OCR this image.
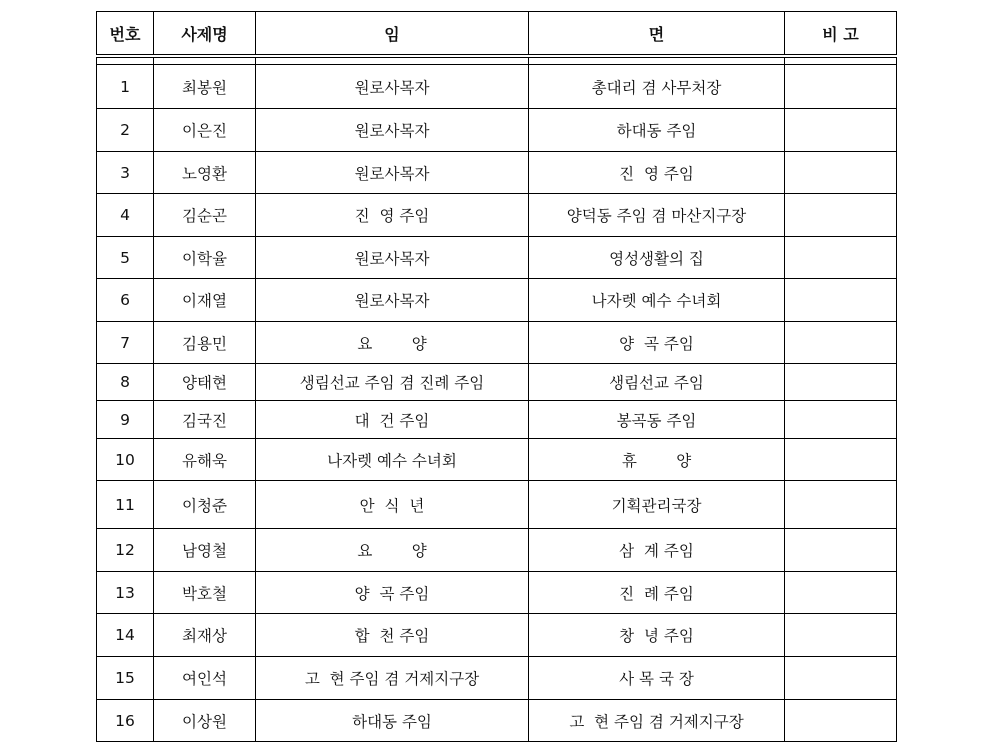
번호	사제명	임	면	비 고

1	최봉원	원로사목자	총대리 겸 사무처장	
2	이은진	원로사목자	하대동 주임	
3	노영환	원로사목자	진  영 주임	
4	김순곤	진  영 주임	양덕동 주임 겸 마산지구장	
5	이학율	원로사목자	영성생활의 집	
6	이재열	원로사목자	나자렛 예수 수녀회	
7	김용민	요        양	양  곡 주임	
8	양태현	생림선교 주임 겸 진례 주임	생림선교 주임	
9	김국진	대  건 주임	봉곡동 주임	
10	유해욱	나자렛 예수 수녀회	휴        양	
11	이청준	안  식  년	기획관리국장	
12	남영철	요        양	삼  계 주임	
13	박호철	양  곡 주임	진  례 주임	
14	최재상	합  천 주임	창  녕 주임	
15	여인석	고  현 주임 겸 거제지구장	사 목 국 장	
16	이상원	하대동 주임	고  현 주임 겸 거제지구장	
